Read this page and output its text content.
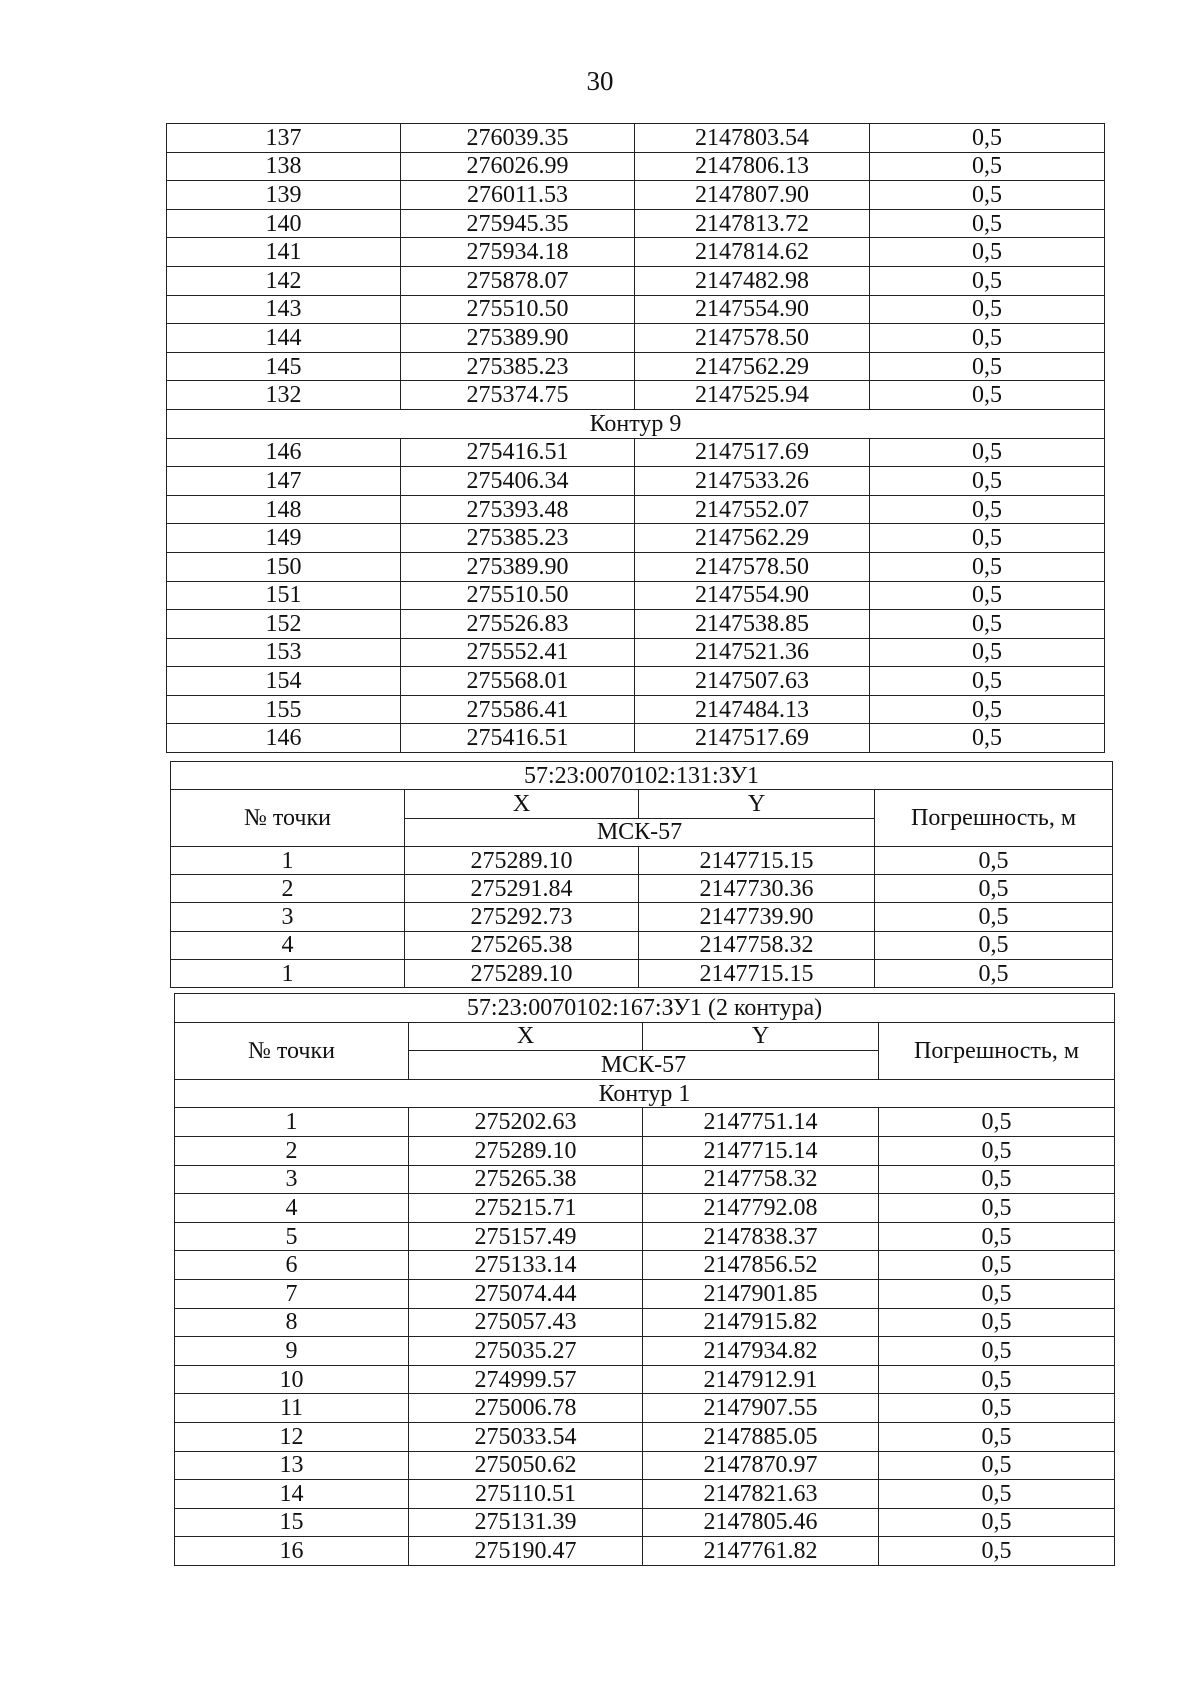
30
137	276039.35	2147803.54	0,5
138	276026.99	2147806.13	0,5
139	276011.53	2147807.90	0,5
140	275945.35	2147813.72	0,5
141	275934.18	2147814.62	0,5
142	275878.07	2147482.98	0,5
143	275510.50	2147554.90	0,5
144	275389.90	2147578.50	0,5
145	275385.23	2147562.29	0,5
132	275374.75	2147525.94	0,5
Контур 9			
146	275416.51	2147517.69	0,5
147	275406.34	2147533.26	0,5
148	275393.48	2147552.07	0,5
149	275385.23	2147562.29	0,5
150	275389.90	2147578.50	0,5
151	275510.50	2147554.90	0,5
152	275526.83	2147538.85	0,5
153	275552.41	2147521.36	0,5
154	275568.01	2147507.63	0,5
155	275586.41	2147484.13	0,5
146	275416.51	2147517.69	0,5
57:23:0070102:131:ЗУ1			
№ точки	X	Y	Погрешность, м
	МСК-57		
1	275289.10	2147715.15	0,5
2	275291.84	2147730.36	0,5
3	275292.73	2147739.90	0,5
4	275265.38	2147758.32	0,5
1	275289.10	2147715.15	0,5
57:23:0070102:167:ЗУ1 (2 контура)			
№ точки	X	Y	Погрешность, м
	МСК-57		
Контур 1			
1	275202.63	2147751.14	0,5
2	275289.10	2147715.14	0,5
3	275265.38	2147758.32	0,5
4	275215.71	2147792.08	0,5
5	275157.49	2147838.37	0,5
6	275133.14	2147856.52	0,5
7	275074.44	2147901.85	0,5
8	275057.43	2147915.82	0,5
9	275035.27	2147934.82	0,5
10	274999.57	2147912.91	0,5
11	275006.78	2147907.55	0,5
12	275033.54	2147885.05	0,5
13	275050.62	2147870.97	0,5
14	275110.51	2147821.63	0,5
15	275131.39	2147805.46	0,5
16	275190.47	2147761.82	0,5
